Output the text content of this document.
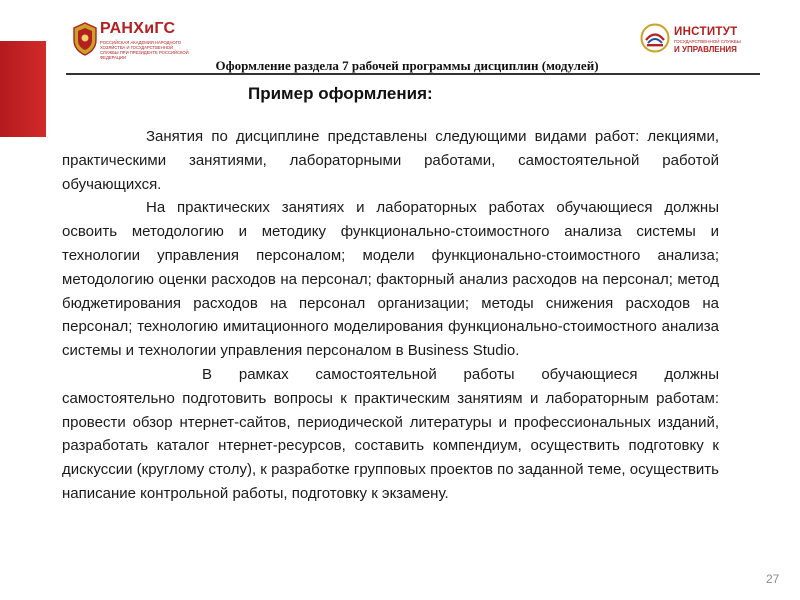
РАНХиГС
РОССИЙСКАЯ АКАДЕМИЯ НАРОДНОГО ХОЗЯЙСТВА И ГОСУДАРСТВЕННОЙ СЛУЖБЫ ПРИ ПРЕЗИДЕНТЕ РОССИЙСКОЙ ФЕДЕРАЦИИ
ИНСТИТУТ
ГОСУДАРСТВЕННОЙ СЛУЖБЫ
И УПРАВЛЕНИЯ
Оформление раздела 7 рабочей программы дисциплин (модулей)
Пример оформления:

Занятия по дисциплине представлены следующими видами работ: лекциями, практическими занятиями, лабораторными работами, самостоятельной работой обучающихся.

На практических занятиях и лабораторных работах обучающиеся должны освоить методологию и методику функционально-стоимостного анализа системы и технологии управления персоналом; модели функционально-стоимостного анализа; методологию оценки расходов на персонал; факторный анализ расходов на персонал; метод бюджетирования расходов на персонал организации; методы снижения расходов на персонал; технологию имитационного моделирования функционально-стоимостного анализа системы и технологии управления персоналом в Business Studio.

В рамках самостоятельной работы обучающиеся должны самостоятельно подготовить вопросы к практическим занятиям и лабораторным работам: провести обзор нтернет-сайтов, периодической литературы и профессиональных изданий, разработать каталог нтернет-ресурсов, составить компендиум, осуществить подготовку к дискуссии (круглому столу), к разработке групповых проектов по заданной теме, осуществить написание контрольной работы, подготовку к экзамену.

27
